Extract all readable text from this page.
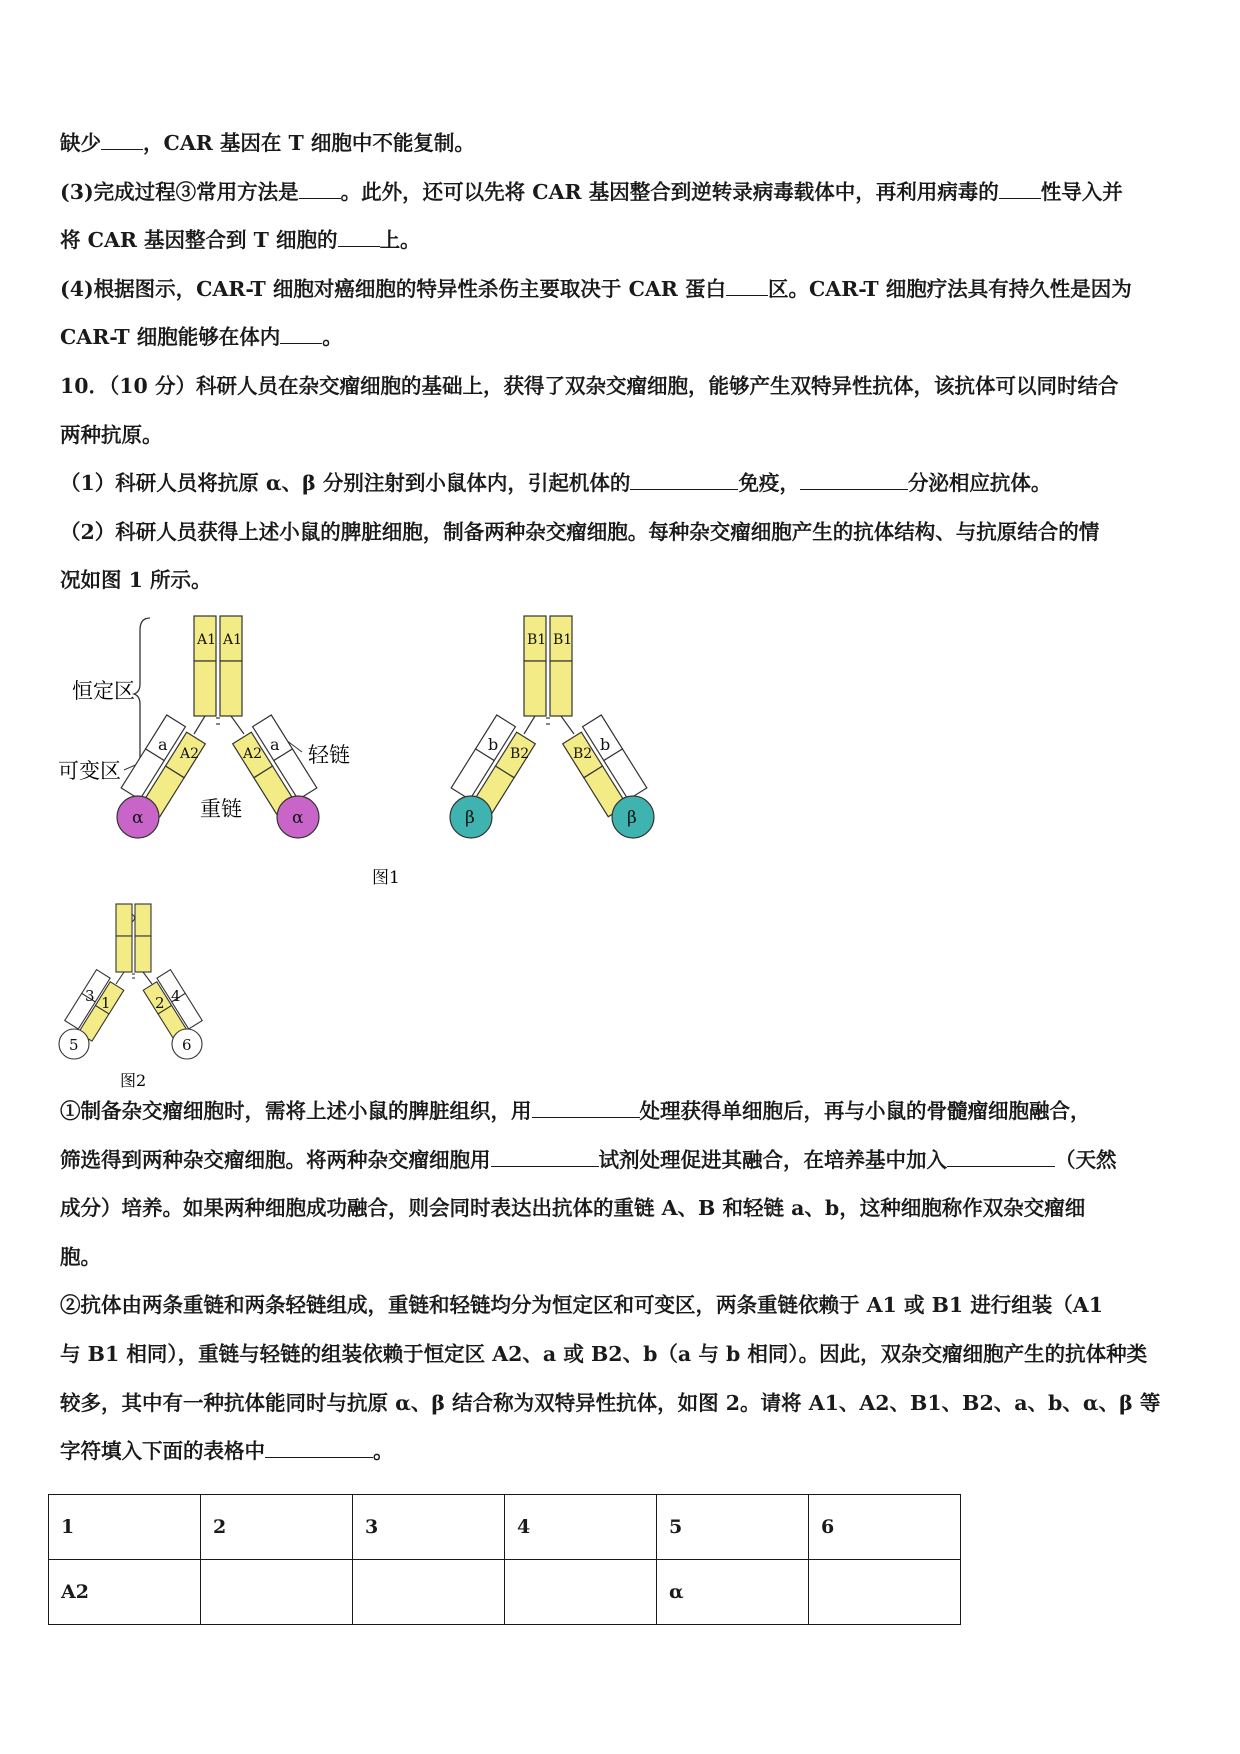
缺少 ，CAR 基因在 T 细胞中不能复制。
(3)完成过程③常用方法是 。此外，还可以先将 CAR 基因整合到逆转录病毒载体中，再利用病毒的 性导入并
将 CAR 基因整合到 T 细胞的 上。
(4)根据图示，CAR-T 细胞对癌细胞的特异性杀伤主要取决于 CAR 蛋白 区。CAR-T 细胞疗法具有持久性是因为
CAR-T 细胞能够在体内 。
10．（10 分）科研人员在杂交瘤细胞的基础上，获得了双杂交瘤细胞，能够产生双特异性抗体，该抗体可以同时结合
两种抗原。
（1）科研人员将抗原 α、β 分别注射到小鼠体内，引起机体的	免疫，	分泌相应抗体。
（2）科研人员获得上述小鼠的脾脏细胞，制备两种杂交瘤细胞。每种杂交瘤细胞产生的抗体结构、与抗原结合的情
况如图 1 所示。
恒定区
可变区
轻链
重链
A1 A1
A2	A2
a	a
α	α
B1 B1
B2	B2
b	b
β	β
图1
1	2
3	4
5	6
图2
①制备杂交瘤细胞时，需将上述小鼠的脾脏组织，用	处理获得单细胞后，再与小鼠的骨髓瘤细胞融合，
筛选得到两种杂交瘤细胞。将两种杂交瘤细胞用	试剂处理促进其融合，在培养基中加入	（天然
成分）培养。如果两种细胞成功融合，则会同时表达出抗体的重链 A、B 和轻链 a、b，这种细胞称作双杂交瘤细
胞。
②抗体由两条重链和两条轻链组成，重链和轻链均分为恒定区和可变区，两条重链依赖于 A1 或 B1 进行组装（A1
与 B1 相同），重链与轻链的组装依赖于恒定区 A2、a 或 B2、b（a 与 b 相同）。因此，双杂交瘤细胞产生的抗体种类
较多，其中有一种抗体能同时与抗原 α、β 结合称为双特异性抗体，如图 2。请将 A1、A2、B1、B2、a、b、α、β 等
字符填入下面的表格中	。
1	2	3	4	5	6
A2				α	
